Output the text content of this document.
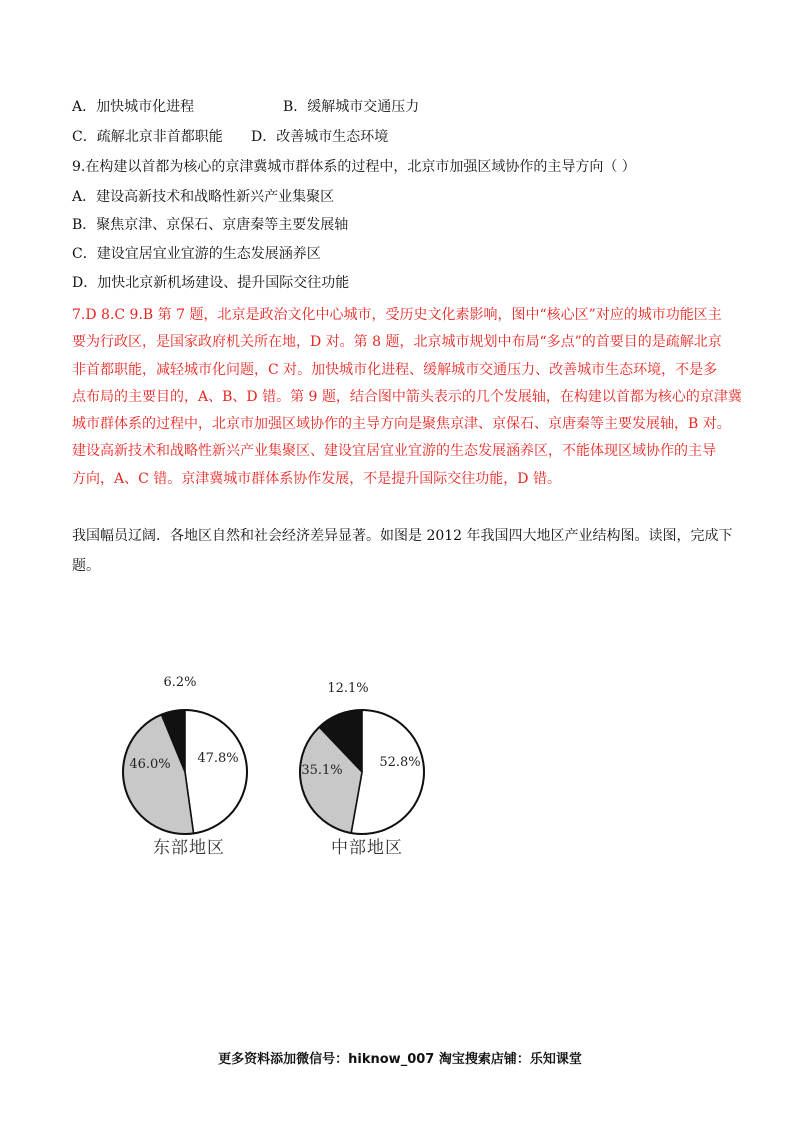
A．加快城市化进程	B．缓解城市交通压力
C．疏解北京非首都职能 D．改善城市生态环境
9.在构建以首都为核心的京津冀城市群体系的过程中，北京市加强区域协作的主导方向（ ）
A．建设高新技术和战略性新兴产业集聚区
B．聚焦京津、京保石、京唐秦等主要发展轴
C．建设宜居宜业宜游的生态发展涵养区
D．加快北京新机场建设、提升国际交往功能
7.D 8.C 9.B 第 7 题，北京是政治文化中心城市，受历史文化素影响，图中“核心区”对应的城市功能区主
要为行政区，是国家政府机关所在地，D 对。第 8 题，北京城市规划中布局“多点”的首要目的是疏解北京
非首都职能，减轻城市化问题，C 对。加快城市化进程、缓解城市交通压力、改善城市生态环境，不是多
点布局的主要目的，A、B、D 错。第 9 题，结合图中箭头表示的几个发展轴，在构建以首都为核心的京津冀
城市群体系的过程中，北京市加强区域协作的主导方向是聚焦京津、京保石、京唐秦等主要发展轴，B 对。
建设高新技术和战略性新兴产业集聚区、建设宜居宜业宜游的生态发展涵养区，不能体现区域协作的主导
方向，A、C 错。京津冀城市群体系协作发展，不是提升国际交往功能，D 错。
我国幅员辽阔．各地区自然和社会经济差异显著。如图是 2012 年我国四大地区产业结构图。读图，完成下
题。
6.2%
47.8%
46.0%
12.1%
52.8%
35.1%
东部地区	中部地区
更多资料添加微信号：hiknow_007 淘宝搜索店铺：乐知课堂
